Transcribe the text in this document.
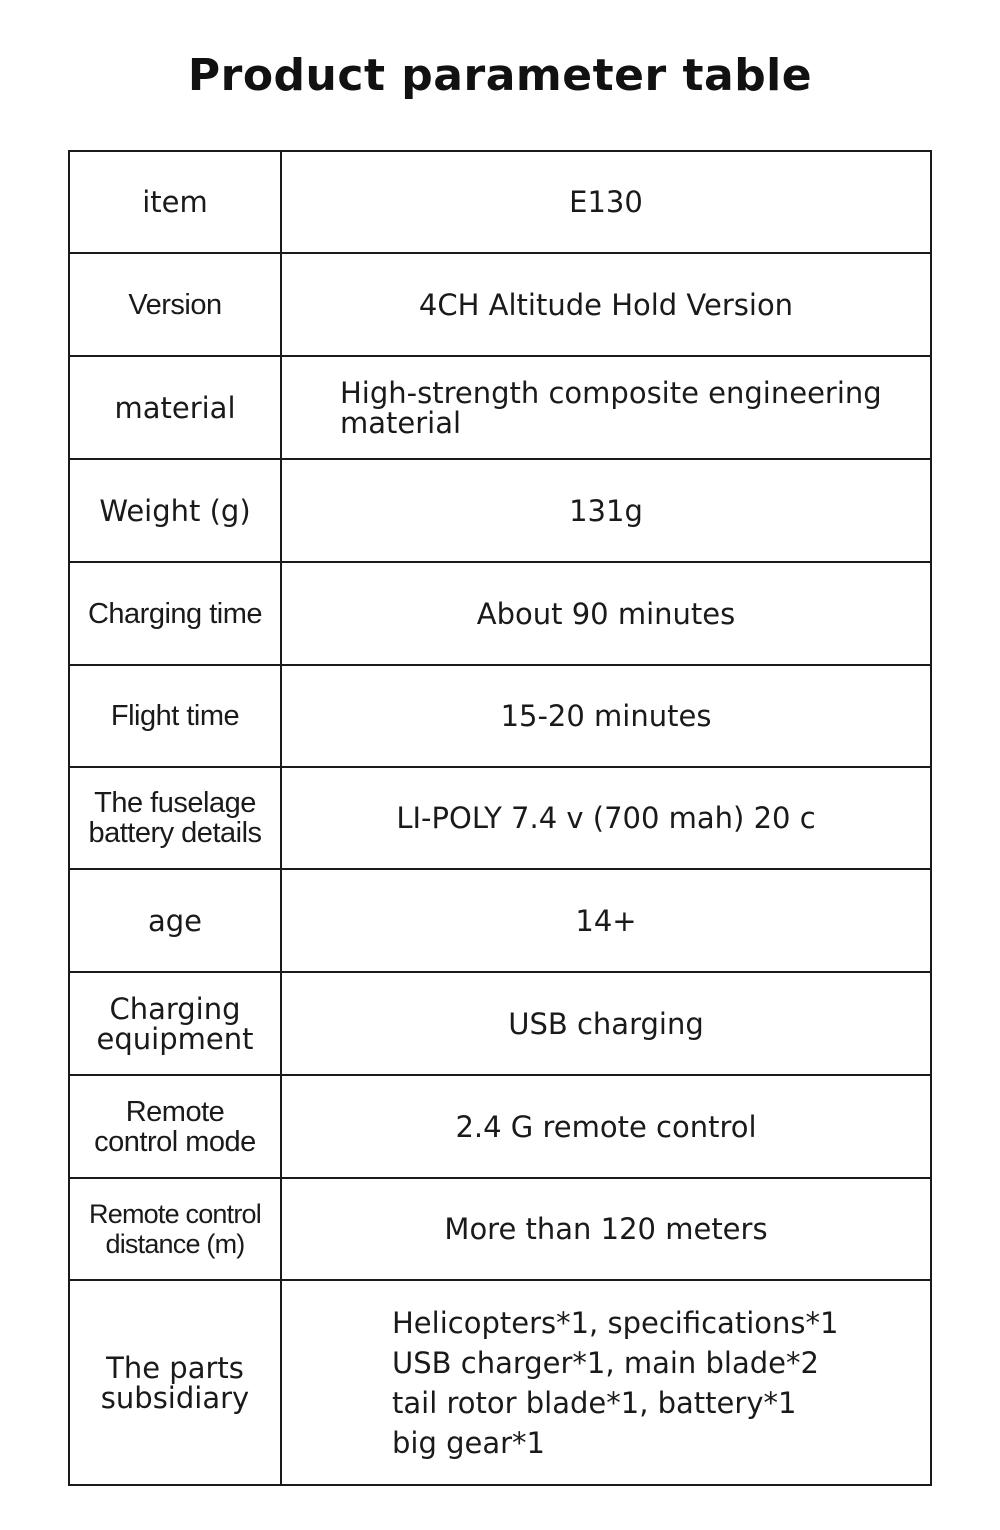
Product parameter table
item	E130

Version	4CH Altitude Hold Version

material	High-strength composite engineering
material

Weight (g)	131g

Charging time	About 90 minutes

Flight time	15-20 minutes

The fuselage
battery details	LI-POLY 7.4 v (700 mah) 20 c

age	14+

Charging
equipment	USB charging

Remote
control mode	2.4 G remote control

Remote control
distance (m)	More than 120 meters

The parts
subsidiary	Helicopters*1, specifications*1
USB charger*1, main blade*2
tail rotor blade*1, battery*1
big gear*1
